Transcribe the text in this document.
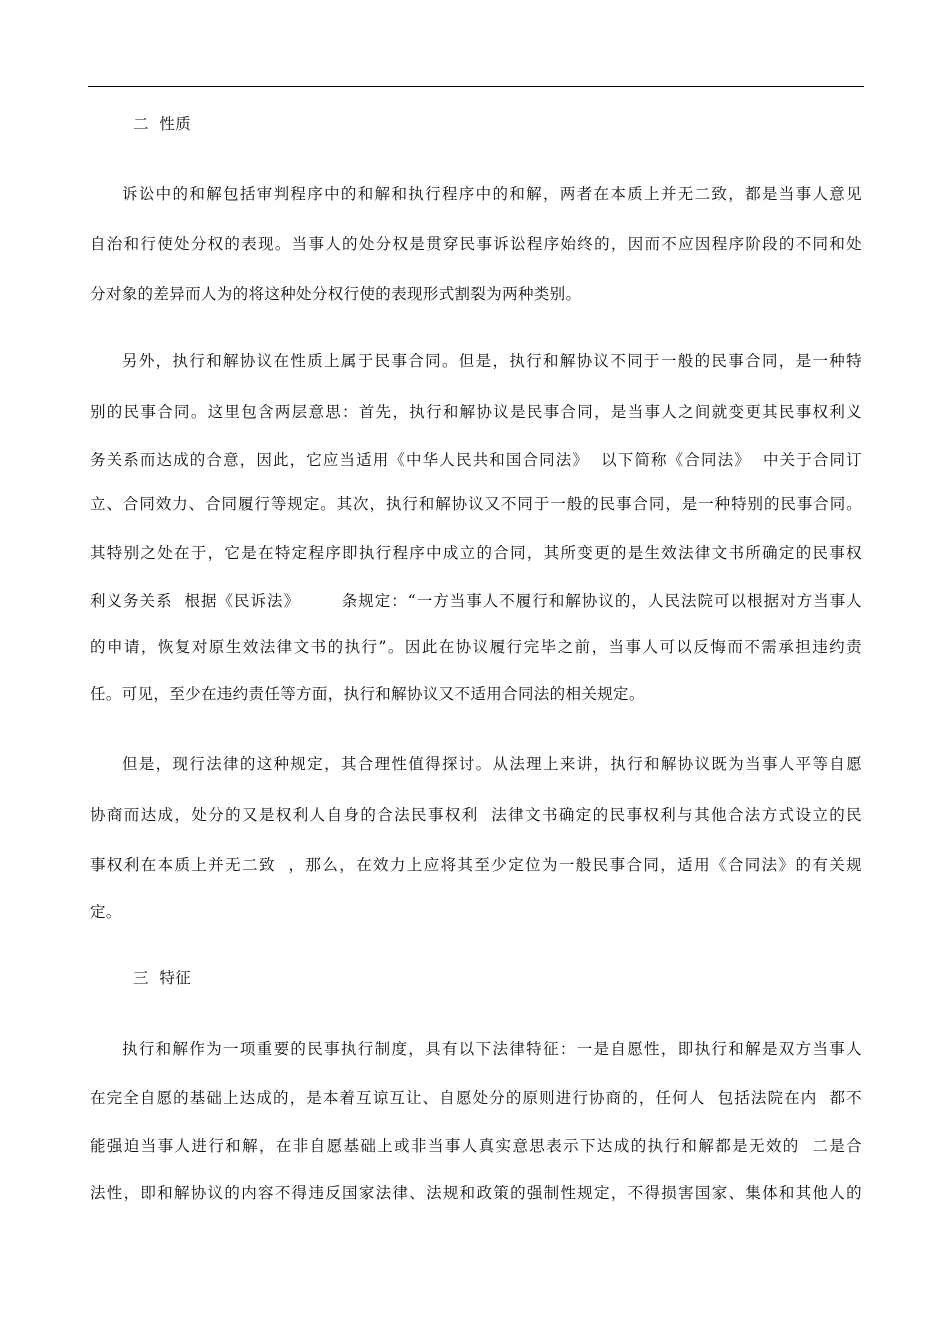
二  性质
诉讼中的和解包括审判程序中的和解和执行程序中的和解，两者在本质上并无二致，都是当事人意见
自治和行使处分权的表现。当事人的处分权是贯穿民事诉讼程序始终的，因而不应因程序阶段的不同和处
分对象的差异而人为的将这种处分权行使的表现形式割裂为两种类别。
另外，执行和解协议在性质上属于民事合同。但是，执行和解协议不同于一般的民事合同，是一种特
别的民事合同。这里包含两层意思：首先，执行和解协议是民事合同，是当事人之间就变更其民事权利义
务关系而达成的合意，因此，它应当适用《中华人民共和国合同法》  以下简称《合同法》  中关于合同订
立、合同效力、合同履行等规定。其次，执行和解协议又不同于一般的民事合同，是一种特别的民事合同。
其特别之处在于，它是在特定程序即执行程序中成立的合同，其所变更的是生效法律文书所确定的民事权
利义务关系  根据《民诉法》       条规定：“一方当事人不履行和解协议的，人民法院可以根据对方当事人
的申请，恢复对原生效法律文书的执行”。因此在协议履行完毕之前，当事人可以反悔而不需承担违约责
任。可见，至少在违约责任等方面，执行和解协议又不适用合同法的相关规定。
但是，现行法律的这种规定，其合理性值得探讨。从法理上来讲，执行和解协议既为当事人平等自愿
协商而达成，处分的又是权利人自身的合法民事权利  法律文书确定的民事权利与其他合法方式设立的民
事权利在本质上并无二致  ，那么，在效力上应将其至少定位为一般民事合同，适用《合同法》的有关规
定。
三  特征
执行和解作为一项重要的民事执行制度，具有以下法律特征：一是自愿性，即执行和解是双方当事人
在完全自愿的基础上达成的，是本着互谅互让、自愿处分的原则进行协商的，任何人  包括法院在内  都不
能强迫当事人进行和解，在非自愿基础上或非当事人真实意思表示下达成的执行和解都是无效的  二是合
法性，即和解协议的内容不得违反国家法律、法规和政策的强制性规定，不得损害国家、集体和其他人的
